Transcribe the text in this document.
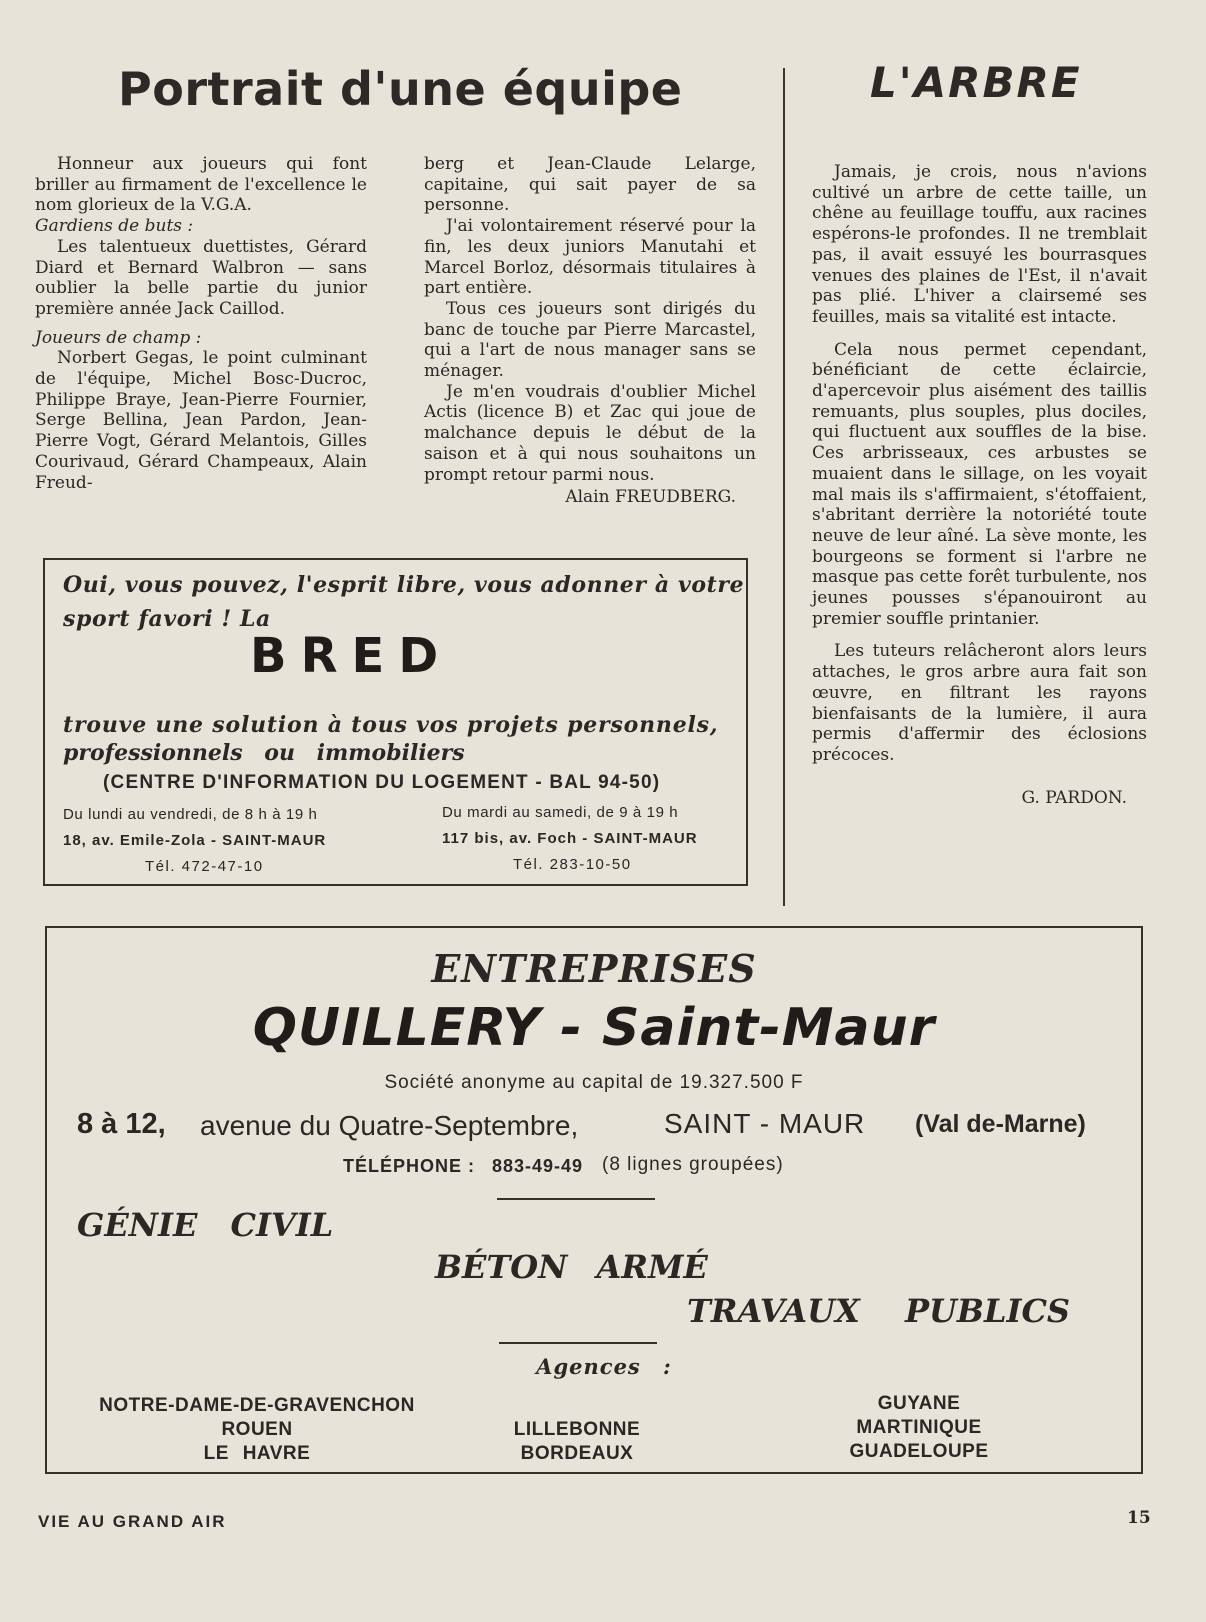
Portrait d'une équipe

Honneur aux joueurs qui font briller au firmament de l'excellence le nom glorieux de la V.G.A.

Gardiens de buts :

Les talentueux duettistes, Gérard Diard et Bernard Walbron — sans oublier la belle partie du junior première année Jack Caillod.

Joueurs de champ :

Norbert Gegas, le point culminant de l'équipe, Michel Bosc-Ducroc, Philippe Braye, Jean-Pierre Fournier, Serge Bellina, Jean Pardon, Jean-Pierre Vogt, Gérard Melantois, Gilles Courivaud, Gérard Champeaux, Alain Freud-

berg et Jean-Claude Lelarge, capitaine, qui sait payer de sa personne.

J'ai volontairement réservé pour la fin, les deux juniors Manutahi et Marcel Borloz, désormais titulaires à part entière.

Tous ces joueurs sont dirigés du banc de touche par Pierre Marcastel, qui a l'art de nous manager sans se ménager.

Je m'en voudrais d'oublier Michel Actis (licence B) et Zac qui joue de malchance depuis le début de la saison et à qui nous souhaitons un prompt retour parmi nous.

Alain FREUDBERG.

L'ARBRE

Jamais, je crois, nous n'avions cultivé un arbre de cette taille, un chêne au feuillage touffu, aux racines espérons-le profondes. Il ne tremblait pas, il avait essuyé les bourrasques venues des plaines de l'Est, il n'avait pas plié. L'hiver a clairsemé ses feuilles, mais sa vitalité est intacte.

Cela nous permet cependant, bénéficiant de cette éclaircie, d'apercevoir plus aisément des taillis remuants, plus souples, plus dociles, qui fluctuent aux souffles de la bise. Ces arbrisseaux, ces arbustes se muaient dans le sillage, on les voyait mal mais ils s'affirmaient, s'étoffaient, s'abritant derrière la notoriété toute neuve de leur aîné. La sève monte, les bourgeons se forment si l'arbre ne masque pas cette forêt turbulente, nos jeunes pousses s'épanouiront au premier souffle printanier.

Les tuteurs relâcheront alors leurs attaches, le gros arbre aura fait son œuvre, en filtrant les rayons bienfaisants de la lumière, il aura permis d'affermir des éclosions précoces.

G. PARDON.

Oui, vous pouvez, l'esprit libre, vous adonner à votre
sport favori ! La
BRED
trouve une solution à tous vos projets personnels,
professionnels ou immobiliers
(CENTRE D'INFORMATION DU LOGEMENT - BAL 94-50)
Du lundi au vendredi, de 8 h à 19 h
18, av. Emile-Zola - SAINT-MAUR
Tél. 472-47-10
Du mardi au samedi, de 9 à 19 h
117 bis, av. Foch - SAINT-MAUR
Tél. 283-10-50
ENTREPRISES
QUILLERY - Saint-Maur
Société anonyme au capital de 19.327.500 F
8 à 12, avenue du Quatre-Septembre,	SAINT - MAUR (Val de-Marne)
TÉLÉPHONE : 883-49-49 (8 lignes groupées)
GÉNIE CIVIL
BÉTON ARMÉ
TRAVAUX PUBLICS
Agences :
NOTRE-DAME-DE-GRAVENCHON
ROUEN
LE HAVRE
LILLEBONNE
BORDEAUX
GUYANE
MARTINIQUE
GUADELOUPE
VIE AU GRAND AIR	15
